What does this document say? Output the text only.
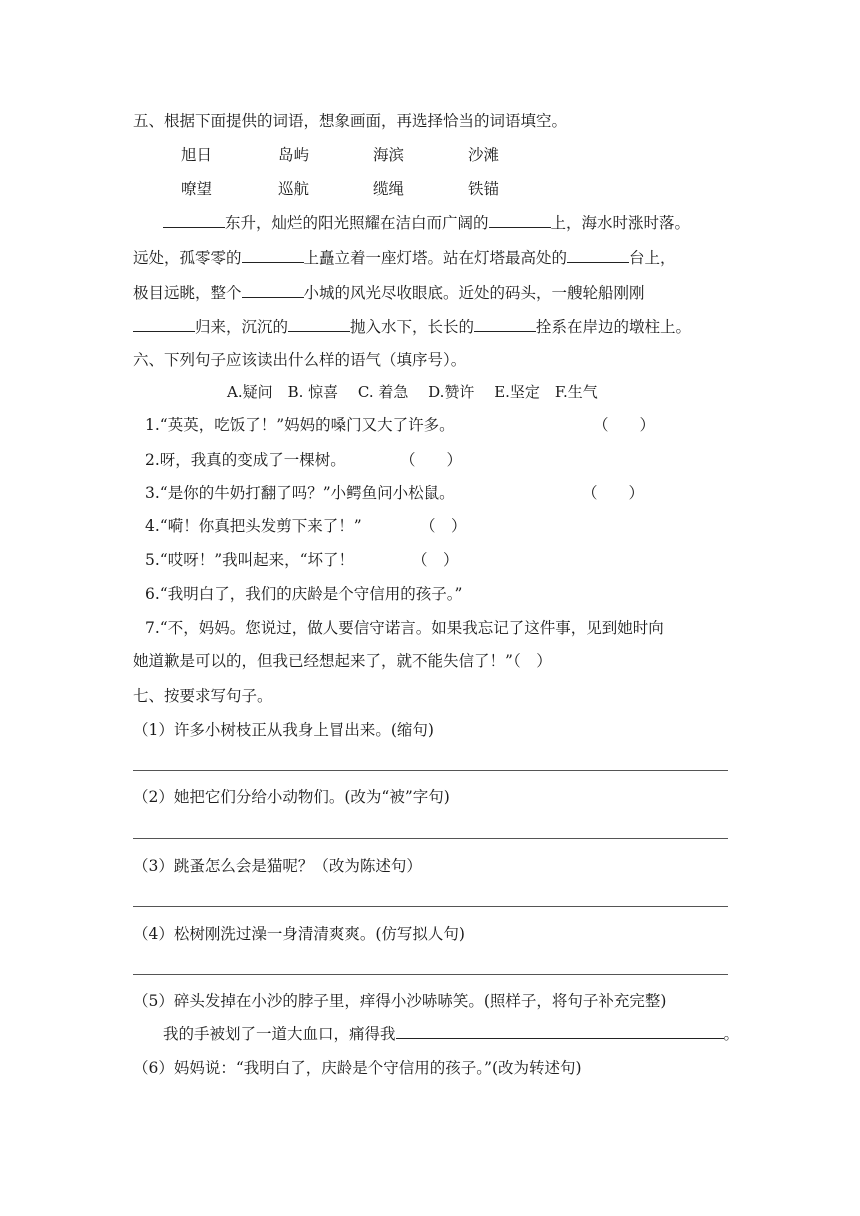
五、根据下面提供的词语，想象画面，再选择恰当的词语填空。
旭日	岛屿	海滨	沙滩
嘹望	巡航	缆绳	铁锚
东升，灿烂的阳光照耀在洁白而广阔的	上，海水时涨时落。
远处，孤零零的	上矗立着一座灯塔。站在灯塔最高处的	台上，
极目远眺，整个	小城的风光尽收眼底。近处的码头，一艘轮船刚刚
归来，沉沉的	抛入水下，长长的	拴系在岸边的墩柱上。
六、下列句子应该读出什么样的语气（填序号）。
A.疑问　B. 惊喜　 C. 着急　 D.赞许　 E.坚定　F.生气
1.“英英，吃饭了！”妈妈的嗓门又大了许多。	（　　）
2.呀，我真的变成了一棵树。	（　　）
3.“是你的牛奶打翻了吗？”小鳄鱼问小松鼠。	（　　）
4.“嗬！你真把头发剪下来了！”	（　）
5.“哎呀！”我叫起来，“坏了！	（　）
6.“我明白了，我们的庆龄是个守信用的孩子。”
7.“不，妈妈。您说过，做人要信守诺言。如果我忘记了这件事，见到她时向
她道歉是可以的，但我已经想起来了，就不能失信了！”（　）
七、按要求写句子。
（1）许多小树枝正从我身上冒出来。(缩句)
（2）她把它们分给小动物们。(改为“被”字句)
（3）跳蚤怎么会是猫呢？（改为陈述句）
（4）松树刚洗过澡一身清清爽爽。(仿写拟人句)
（5）碎头发掉在小沙的脖子里，痒得小沙哧哧笑。(照样子，将句子补充完整)
我的手被划了一道大血口，痛得我	。
（6）妈妈说：“我明白了，庆龄是个守信用的孩子。”(改为转述句)
